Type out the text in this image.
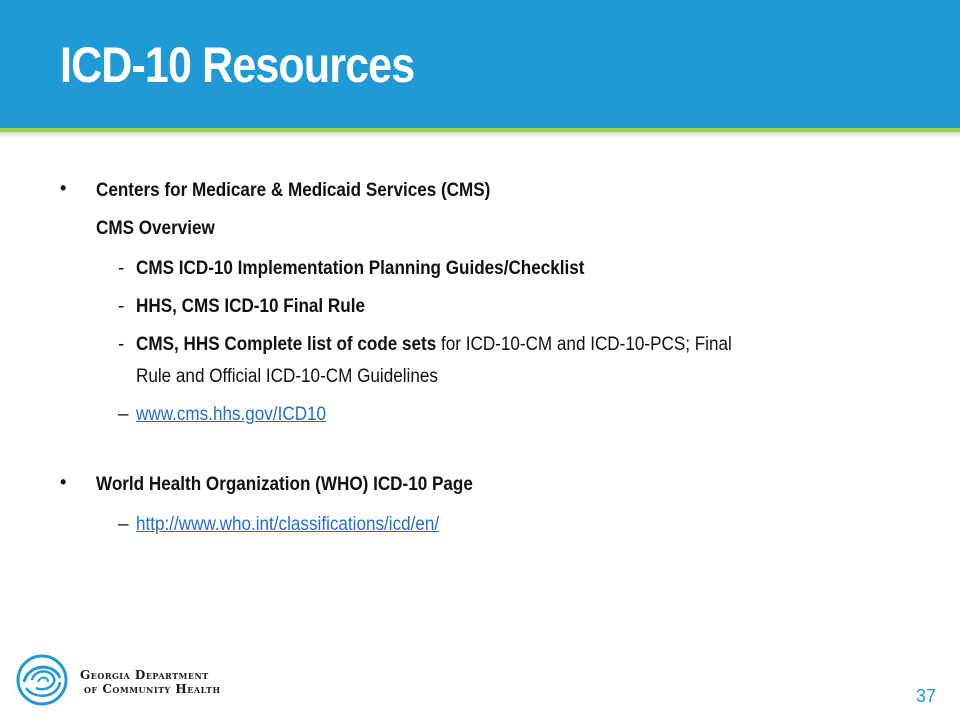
ICD-10 Resources
• Centers for Medicare & Medicaid Services (CMS)
CMS Overview
- CMS ICD-10 Implementation Planning Guides/Checklist
- HHS, CMS ICD-10 Final Rule
- CMS, HHS Complete list of code sets for ICD-10-CM and ICD-10-PCS; Final
Rule and Official ICD-10-CM Guidelines
– www.cms.hhs.gov/ICD10
• World Health Organization (WHO) ICD-10 Page
– http://www.who.int/classifications/icd/en/
Georgia Department
of Community Health	37
